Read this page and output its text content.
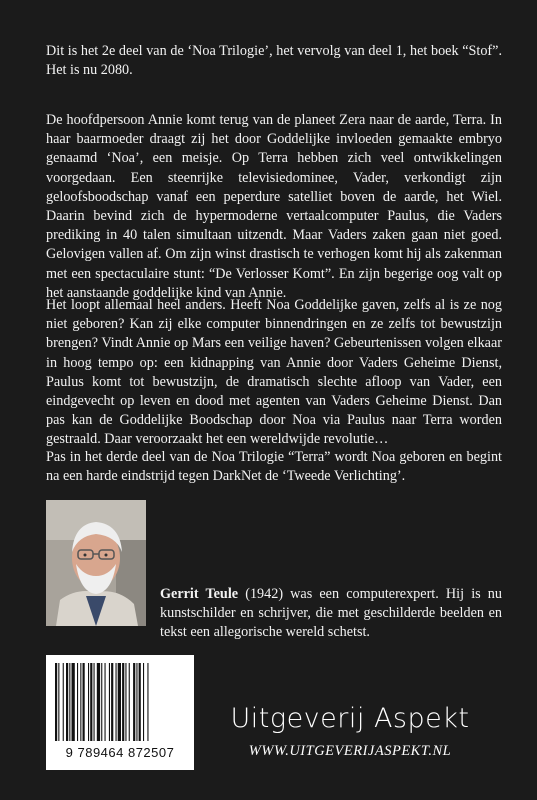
Dit is het 2e deel van de ‘Noa Trilogie’, het vervolg van deel 1, het boek “Stof”. Het is nu 2080.

De hoofdpersoon Annie komt terug van de planeet Zera naar de aarde, Terra. In haar baarmoeder draagt zij het door Goddelijke invloeden gemaakte embryo genaamd ‘Noa’, een meisje. Op Terra hebben zich veel ontwikkelingen voorgedaan. Een steenrijke televisiedominee, Vader, verkondigt zijn geloofsboodschap vanaf een peperdure satelliet boven de aarde, het Wiel. Daarin bevind zich de hypermoderne vertaalcomputer Paulus, die Vaders prediking in 40 talen simultaan uitzendt. Maar Vaders zaken gaan niet goed. Gelovigen vallen af. Om zijn winst drastisch te verhogen komt hij als zakenman met een spectaculaire stunt: “De Verlosser Komt”. En zijn begerige oog valt op het aanstaande goddelijke kind van Annie.

Het loopt allemaal heel anders. Heeft Noa Goddelijke gaven, zelfs al is ze nog niet geboren? Kan zij elke computer binnendringen en ze zelfs tot bewustzijn brengen? Vindt Annie op Mars een veilige haven? Gebeurtenissen volgen elkaar in hoog tempo op: een kidnapping van Annie door Vaders Geheime Dienst, Paulus komt tot bewustzijn, de dramatisch slechte afloop van Vader, een eindgevecht op leven en dood met agenten van Vaders Geheime Dienst. Dan pas kan de Goddelijke Boodschap door Noa via Paulus naar Terra worden gestraald. Daar veroorzaakt het een wereldwijde revolutie…

Pas in het derde deel van de Noa Trilogie “Terra” wordt Noa geboren en begint na een harde eindstrijd tegen DarkNet de ‘Tweede Verlichting’.

Gerrit Teule (1942) was een computerexpert. Hij is nu kunstschilder en schrijver, die met geschilderde beelden en tekst een allegorische wereld schetst.

9 789464 872507
Uitgeverij Aspekt
WWW.UITGEVERIJASPEKT.NL
